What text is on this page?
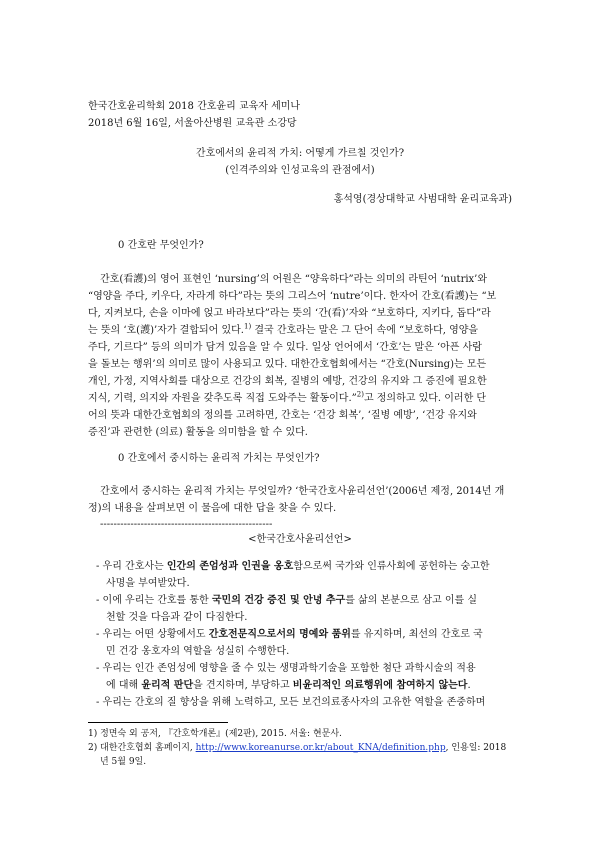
한국간호윤리학회 2018 간호윤리 교육자 세미나
2018년 6월 16일, 서울아산병원 교육관 소강당
간호에서의 윤리적 가치: 어떻게 가르칠 것인가?
(인격주의와 인성교육의 관점에서)
홍석영(경상대학교 사범대학 윤리교육과)
0 간호란 무엇인가?
간호(看護)의 영어 표현인 ‘nursing’의 어원은 “양육하다”라는 의미의 라틴어 ‘nutrix’와
“영양을 주다, 키우다, 자라게 하다”라는 뜻의 그리스어 ‘nutre’이다. 한자어 간호(看護)는 “보
다, 지켜보다, 손을 이마에 얹고 바라보다”라는 뜻의 ‘간(看)’자와 “보호하다, 지키다, 돕다”라
는 뜻의 ‘호(護)’자가 결합되어 있다.$^{1)}$ 결국 간호라는 말은 그 단어 속에 “보호하다, 영양을
주다, 기르다” 등의 의미가 담겨 있음을 알 수 있다. 일상 언어에서 ‘간호’는 말은 ‘아픈 사람
을 돌보는 행위’의 의미로 많이 사용되고 있다. 대한간호협회에서는 “간호(Nursing)는 모든
개인, 가정, 지역사회를 대상으로 건강의 회복, 질병의 예방, 건강의 유지와 그 증진에 필요한
지식, 기력, 의지와 자원을 갖추도록 직접 도와주는 활동이다.”$^{2)}$고 정의하고 있다. 이러한 단
어의 뜻과 대한간호협회의 정의를 고려하면, 간호는 ‘건강 회복’, ‘질병 예방’, ‘건강 유지와
증진’과 관련한 (의료) 활동을 의미함을 할 수 있다.
0 간호에서 중시하는 윤리적 가치는 무엇인가?
간호에서 중시하는 윤리적 가치는 무엇일까? ‘한국간호사윤리선언’(2006년 제정, 2014년 개
정)의 내용을 살펴보면 이 물음에 대한 답을 찾을 수 있다.
---------------------------------------------------
<한국간호사윤리선언>
- 우리 간호사는 인간의 존엄성과 인권을 옹호함으로써 국가와 인류사회에 공헌하는 숭고한
사명을 부여받았다.
- 이에 우리는 간호를 통한 국민의 건강 증진 및 안녕 추구를 삶의 본분으로 삼고 이를 실
천할 것을 다음과 같이 다짐한다.
- 우리는 어떤 상황에서도 간호전문직으로서의 명예와 품위를 유지하며, 최선의 간호로 국
민 건강 옹호자의 역할을 성실히 수행한다.
- 우리는 인간 존엄성에 영향을 줄 수 있는 생명과학기술을 포함한 첨단 과학시술의 적용
에 대해 윤리적 판단을 견지하며, 부당하고 비윤리적인 의료행위에 참여하지 않는다.
- 우리는 간호의 질 향상을 위해 노력하고, 모든 보건의료종사자의 고유한 역할을 존중하며
1) 정면숙 외 공저, 『간호학개론』(제2판), 2015. 서울: 현문사.
2) 대한간호협회 홈페이지, http://www.koreanurse.or.kr/about_KNA/definition.php, 인용일: 2018
년 5월 9일.
